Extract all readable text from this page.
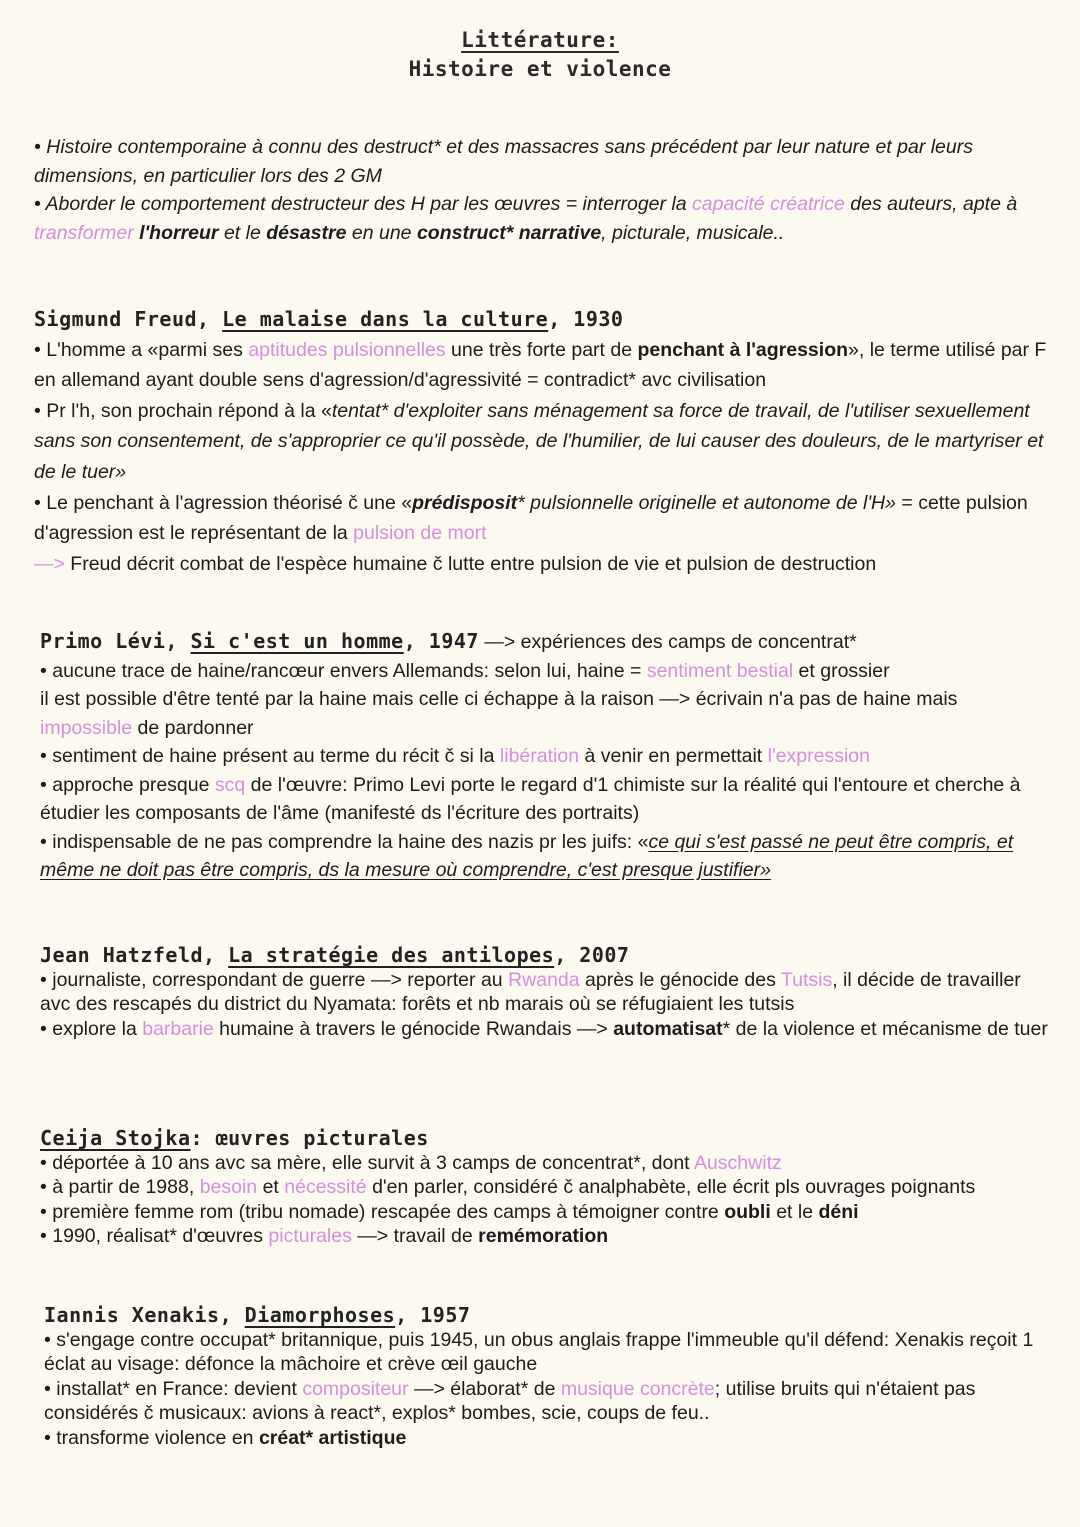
Littérature:
Histoire et violence

• Histoire contemporaine à connu des destruct* et des massacres sans précédent par leur nature et par leurs dimensions, en particulier lors des 2 GM

• Aborder le comportement destructeur des H par les œuvres = interroger la capacité créatrice des auteurs, apte à transformer l'horreur et le désastre en une construct* narrative, picturale, musicale..

Sigmund Freud, Le malaise dans la culture, 1930

• L'homme a «parmi ses aptitudes pulsionnelles une très forte part de penchant à l'agression», le terme utilisé par F en allemand ayant double sens d'agression/d'agressivité = contradict* avc civilisation

• Pr l'h, son prochain répond à la «tentat* d'exploiter sans ménagement sa force de travail, de l'utiliser sexuellement sans son consentement, de s'approprier ce qu'il possède, de l'humilier, de lui causer des douleurs, de le martyriser et de le tuer»

• Le penchant à l'agression théorisé č une «prédisposit* pulsionnelle originelle et autonome de l'H» = cette pulsion d'agression est le représentant de la pulsion de mort

—> Freud décrit combat de l'espèce humaine č lutte entre pulsion de vie et pulsion de destruction

Primo Lévi, Si c'est un homme, 1947 —> expériences des camps de concentrat*

• aucune trace de haine/rancœur envers Allemands: selon lui, haine = sentiment bestial et grossier

il est possible d'être tenté par la haine mais celle ci échappe à la raison —> écrivain n'a pas de haine mais impossible de pardonner

• sentiment de haine présent au terme du récit č si la libération à venir en permettait l'expression

• approche presque scq de l'œuvre: Primo Levi porte le regard d'1 chimiste sur la réalité qui l'entoure et cherche à étudier les composants de l'âme (manifesté ds l'écriture des portraits)

• indispensable de ne pas comprendre la haine des nazis pr les juifs: «ce qui s'est passé ne peut être compris, et même ne doit pas être compris, ds la mesure où comprendre, c'est presque justifier»

Jean Hatzfeld, La stratégie des antilopes, 2007

• journaliste, correspondant de guerre —> reporter au Rwanda après le génocide des Tutsis, il décide de travailler avc des rescapés du district du Nyamata: forêts et nb marais où se réfugiaient les tutsis

• explore la barbarie humaine à travers le génocide Rwandais —> automatisat* de la violence et mécanisme de tuer

Ceija Stojka: œuvres picturales

• déportée à 10 ans avc sa mère, elle survit à 3 camps de concentrat*, dont Auschwitz

• à partir de 1988, besoin et nécessité d'en parler, considéré č analphabète, elle écrit pls ouvrages poignants

• première femme rom (tribu nomade) rescapée des camps à témoigner contre oubli et le déni

• 1990, réalisat* d'œuvres picturales —> travail de remémoration

Iannis Xenakis, Diamorphoses, 1957

• s'engage contre occupat* britannique, puis 1945, un obus anglais frappe l'immeuble qu'il défend: Xenakis reçoit 1 éclat au visage: défonce la mâchoire et crève œil gauche

• installat* en France: devient compositeur —> élaborat* de musique concrète; utilise bruits qui n'étaient pas considérés č musicaux: avions à react*, explos* bombes, scie, coups de feu..

• transforme violence en créat* artistique
